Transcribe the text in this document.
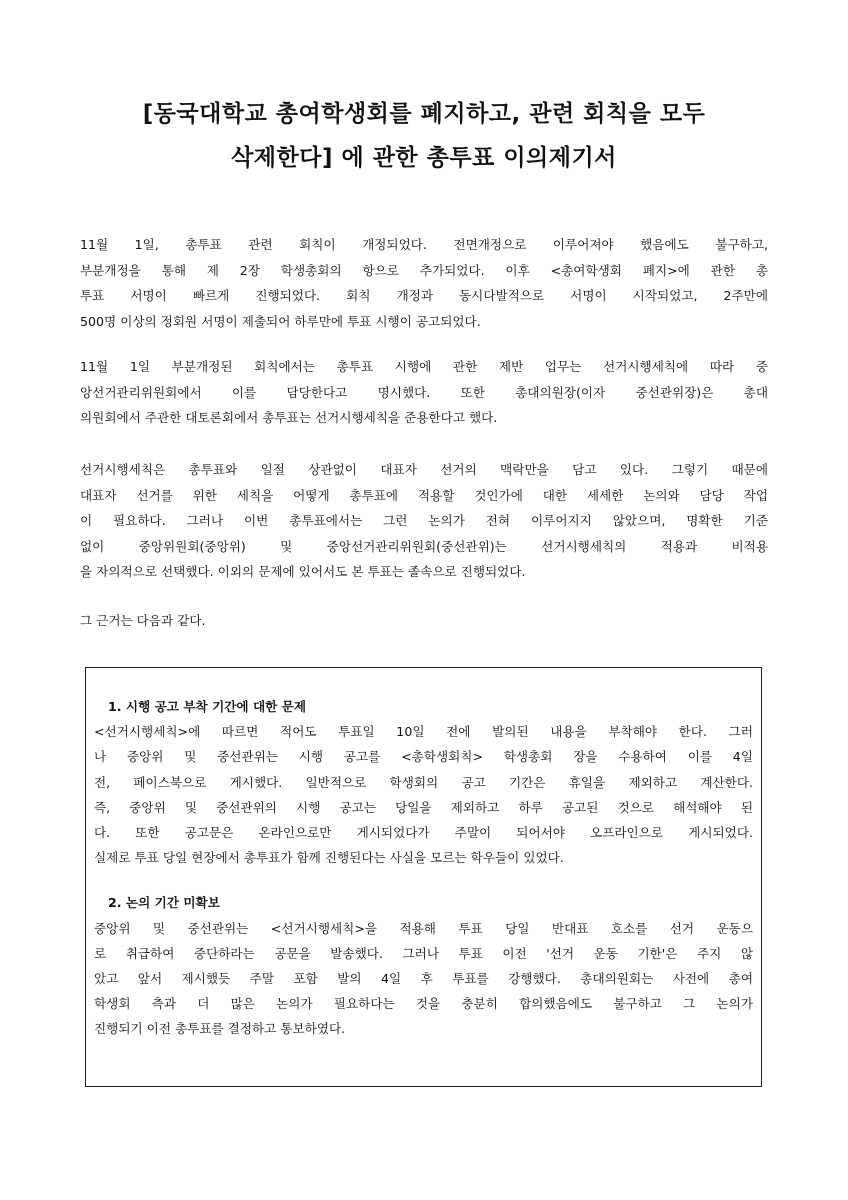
[동국대학교 총여학생회를 폐지하고, 관련 회칙을 모두
삭제한다] 에 관한 총투표 이의제기서
11월 1일, 총투표 관련 회칙이 개정되었다. 전면개정으로 이루어져야 했음에도 불구하고,
부분개정을 통해 제 2장 학생총회의 항으로 추가되었다. 이후 <총여학생회 폐지>에 관한 총
투표 서명이 빠르게 진행되었다. 회칙 개정과 동시다발적으로 서명이 시작되었고, 2주만에
500명 이상의 정회원 서명이 제출되어 하루만에 투표 시행이 공고되었다.
11월 1일 부분개정된 회칙에서는 총투표 시행에 관한 제반 업무는 선거시행세칙에 따라 중
앙선거관리위원회에서 이를 담당한다고 명시했다. 또한 총대의원장(이자 중선관위장)은 총대
의원회에서 주관한 대토론회에서 총투표는 선거시행세칙을 준용한다고 했다.
선거시행세칙은 총투표와 일절 상관없이 대표자 선거의 맥락만을 담고 있다. 그렇기 때문에
대표자 선거를 위한 세칙을 어떻게 총투표에 적용할 것인가에 대한 세세한 논의와 담당 작업
이 필요하다. 그러나 이번 총투표에서는 그런 논의가 전혀 이루어지지 않았으며, 명확한 기준
없이 중앙위원회(중앙위) 및 중앙선거관리위원회(중선관위)는 선거시행세칙의 적용과 비적용
을 자의적으로 선택했다. 이외의 문제에 있어서도 본 투표는 졸속으로 진행되었다.
그 근거는 다음과 같다.
1. 시행 공고 부착 기간에 대한 문제
<선거시행세칙>에 따르면 적어도 투표일 10일 전에 발의된 내용을 부착해야 한다. 그러
나 중앙위 및 중선관위는 시행 공고를 <총학생회칙> 학생총회 장을 수용하여 이를 4일
전, 페이스북으로 게시했다. 일반적으로 학생회의 공고 기간은 휴일을 제외하고 계산한다.
즉, 중앙위 및 중선관위의 시행 공고는 당일을 제외하고 하루 공고된 것으로 해석해야 된
다. 또한 공고문은 온라인으로만 게시되었다가 주말이 되어서야 오프라인으로 게시되었다.
실제로 투표 당일 현장에서 총투표가 함께 진행된다는 사실을 모르는 학우들이 있었다.
2. 논의 기간 미확보
중앙위 및 중선관위는 <선거시행세칙>을 적용해 투표 당일 반대표 호소를 선거 운동으
로 취급하여 중단하라는 공문을 발송했다. 그러나 투표 이전 '선거 운동 기한'은 주지 않
았고 앞서 제시했듯 주말 포함 발의 4일 후 투표를 강행했다. 총대의원회는 사전에 총여
학생회 측과 더 많은 논의가 필요하다는 것을 충분히 합의했음에도 불구하고 그 논의가
진행되기 이전 총투표를 결정하고 통보하였다.
